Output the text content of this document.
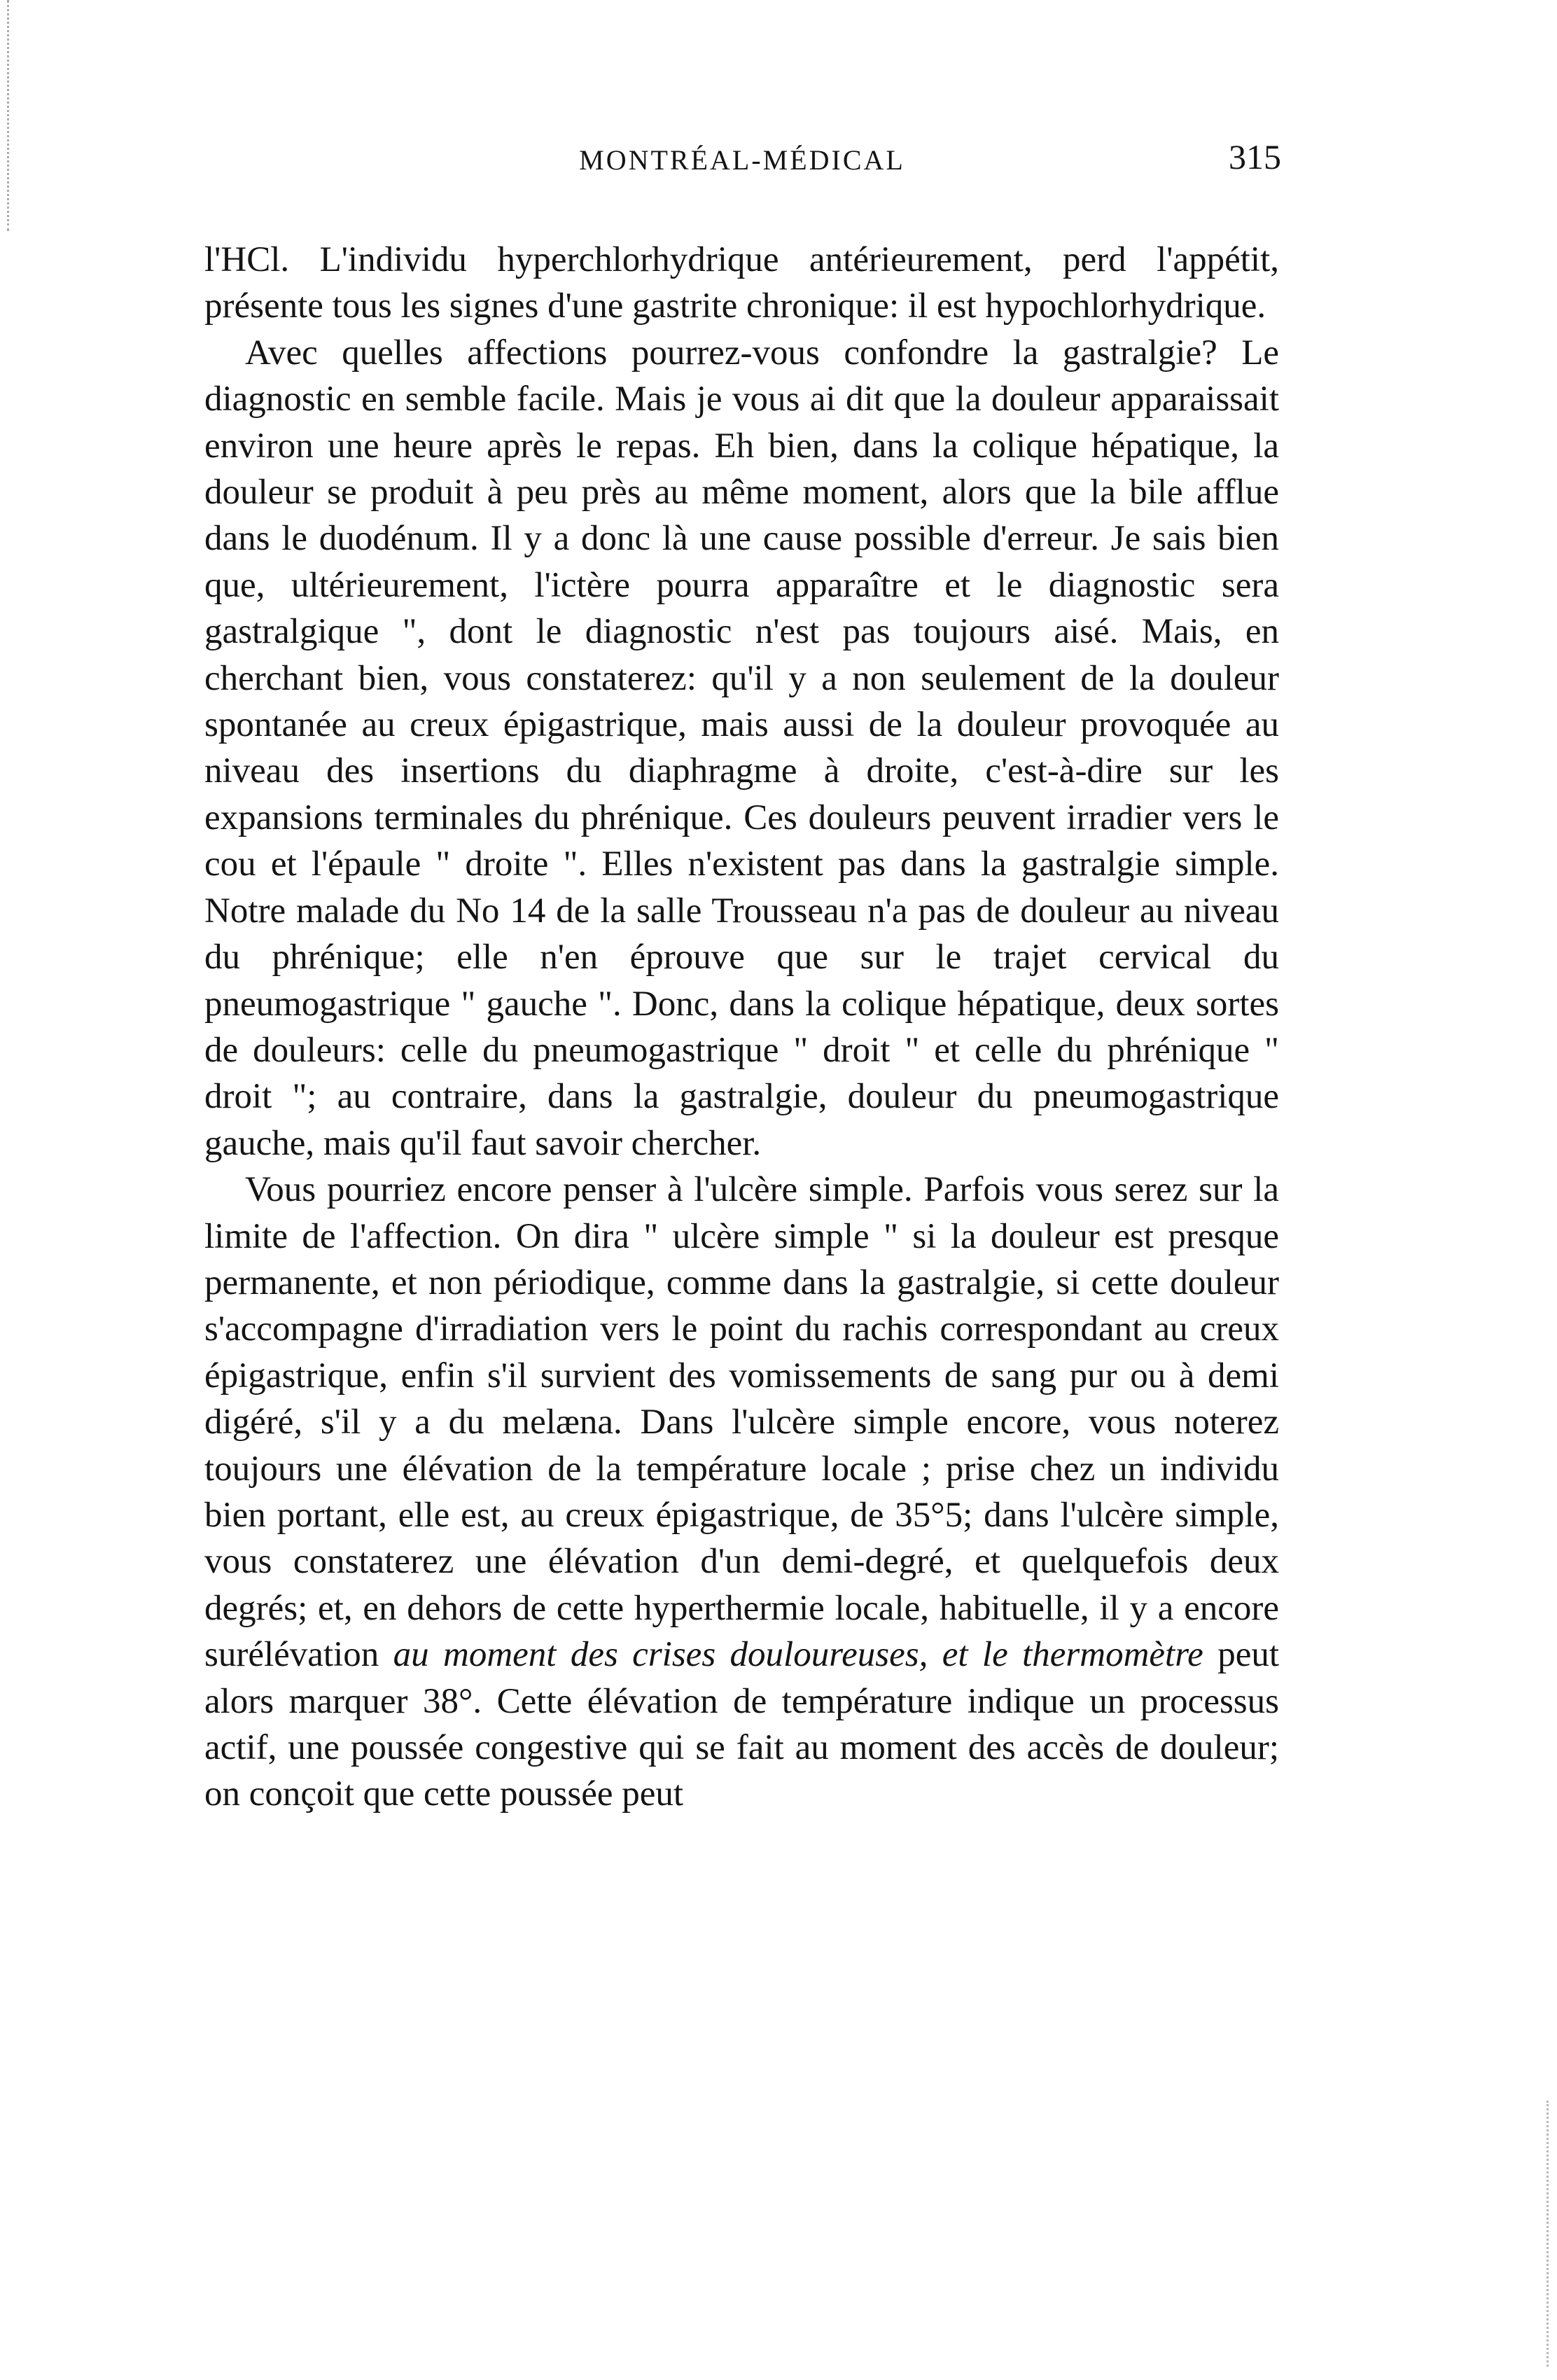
MONTRÉAL-MÉDICAL	315

l'HCl. L'individu hyperchlorhydrique antérieurement, perd l'appétit, présente tous les signes d'une gastrite chronique: il est hypochlorhydrique.

Avec quelles affections pourrez-vous confondre la gastralgie? Le diagnostic en semble facile. Mais je vous ai dit que la douleur apparaissait environ une heure après le repas. Eh bien, dans la colique hépatique, la douleur se produit à peu près au même moment, alors que la bile afflue dans le duodénum. Il y a donc là une cause possible d'erreur. Je sais bien que, ultérieurement, l'ictère pourra apparaître et le diagnostic sera gastralgique ", dont le diagnostic n'est pas toujours aisé. Mais, en cherchant bien, vous constaterez: qu'il y a non seulement de la douleur spontanée au creux épigastrique, mais aussi de la douleur provoquée au niveau des insertions du diaphragme à droite, c'est-à-dire sur les expansions terminales du phrénique. Ces douleurs peuvent irradier vers le cou et l'épaule " droite ". Elles n'existent pas dans la gastralgie simple. Notre malade du No 14 de la salle Trousseau n'a pas de douleur au niveau du phrénique; elle n'en éprouve que sur le trajet cervical du pneumogastrique " gauche ". Donc, dans la colique hépatique, deux sortes de douleurs: celle du pneumogastrique " droit " et celle du phrénique " droit "; au contraire, dans la gastralgie, douleur du pneumogastrique gauche, mais qu'il faut savoir chercher.

Vous pourriez encore penser à l'ulcère simple. Parfois vous serez sur la limite de l'affection. On dira " ulcère simple " si la douleur est presque permanente, et non périodique, comme dans la gastralgie, si cette douleur s'accompagne d'irradiation vers le point du rachis correspondant au creux épigastrique, enfin s'il survient des vomissements de sang pur ou à demi digéré, s'il y a du melæna. Dans l'ulcère simple encore, vous noterez toujours une élévation de la température locale ; prise chez un individu bien portant, elle est, au creux épigastrique, de 35°5; dans l'ulcère simple, vous constaterez une élévation d'un demi-degré, et quelquefois deux degrés; et, en dehors de cette hyperthermie locale, habituelle, il y a encore surélévation au moment des crises douloureuses, et le thermomètre peut alors marquer 38°. Cette élévation de température indique un processus actif, une poussée congestive qui se fait au moment des accès de douleur; on conçoit que cette poussée peut
